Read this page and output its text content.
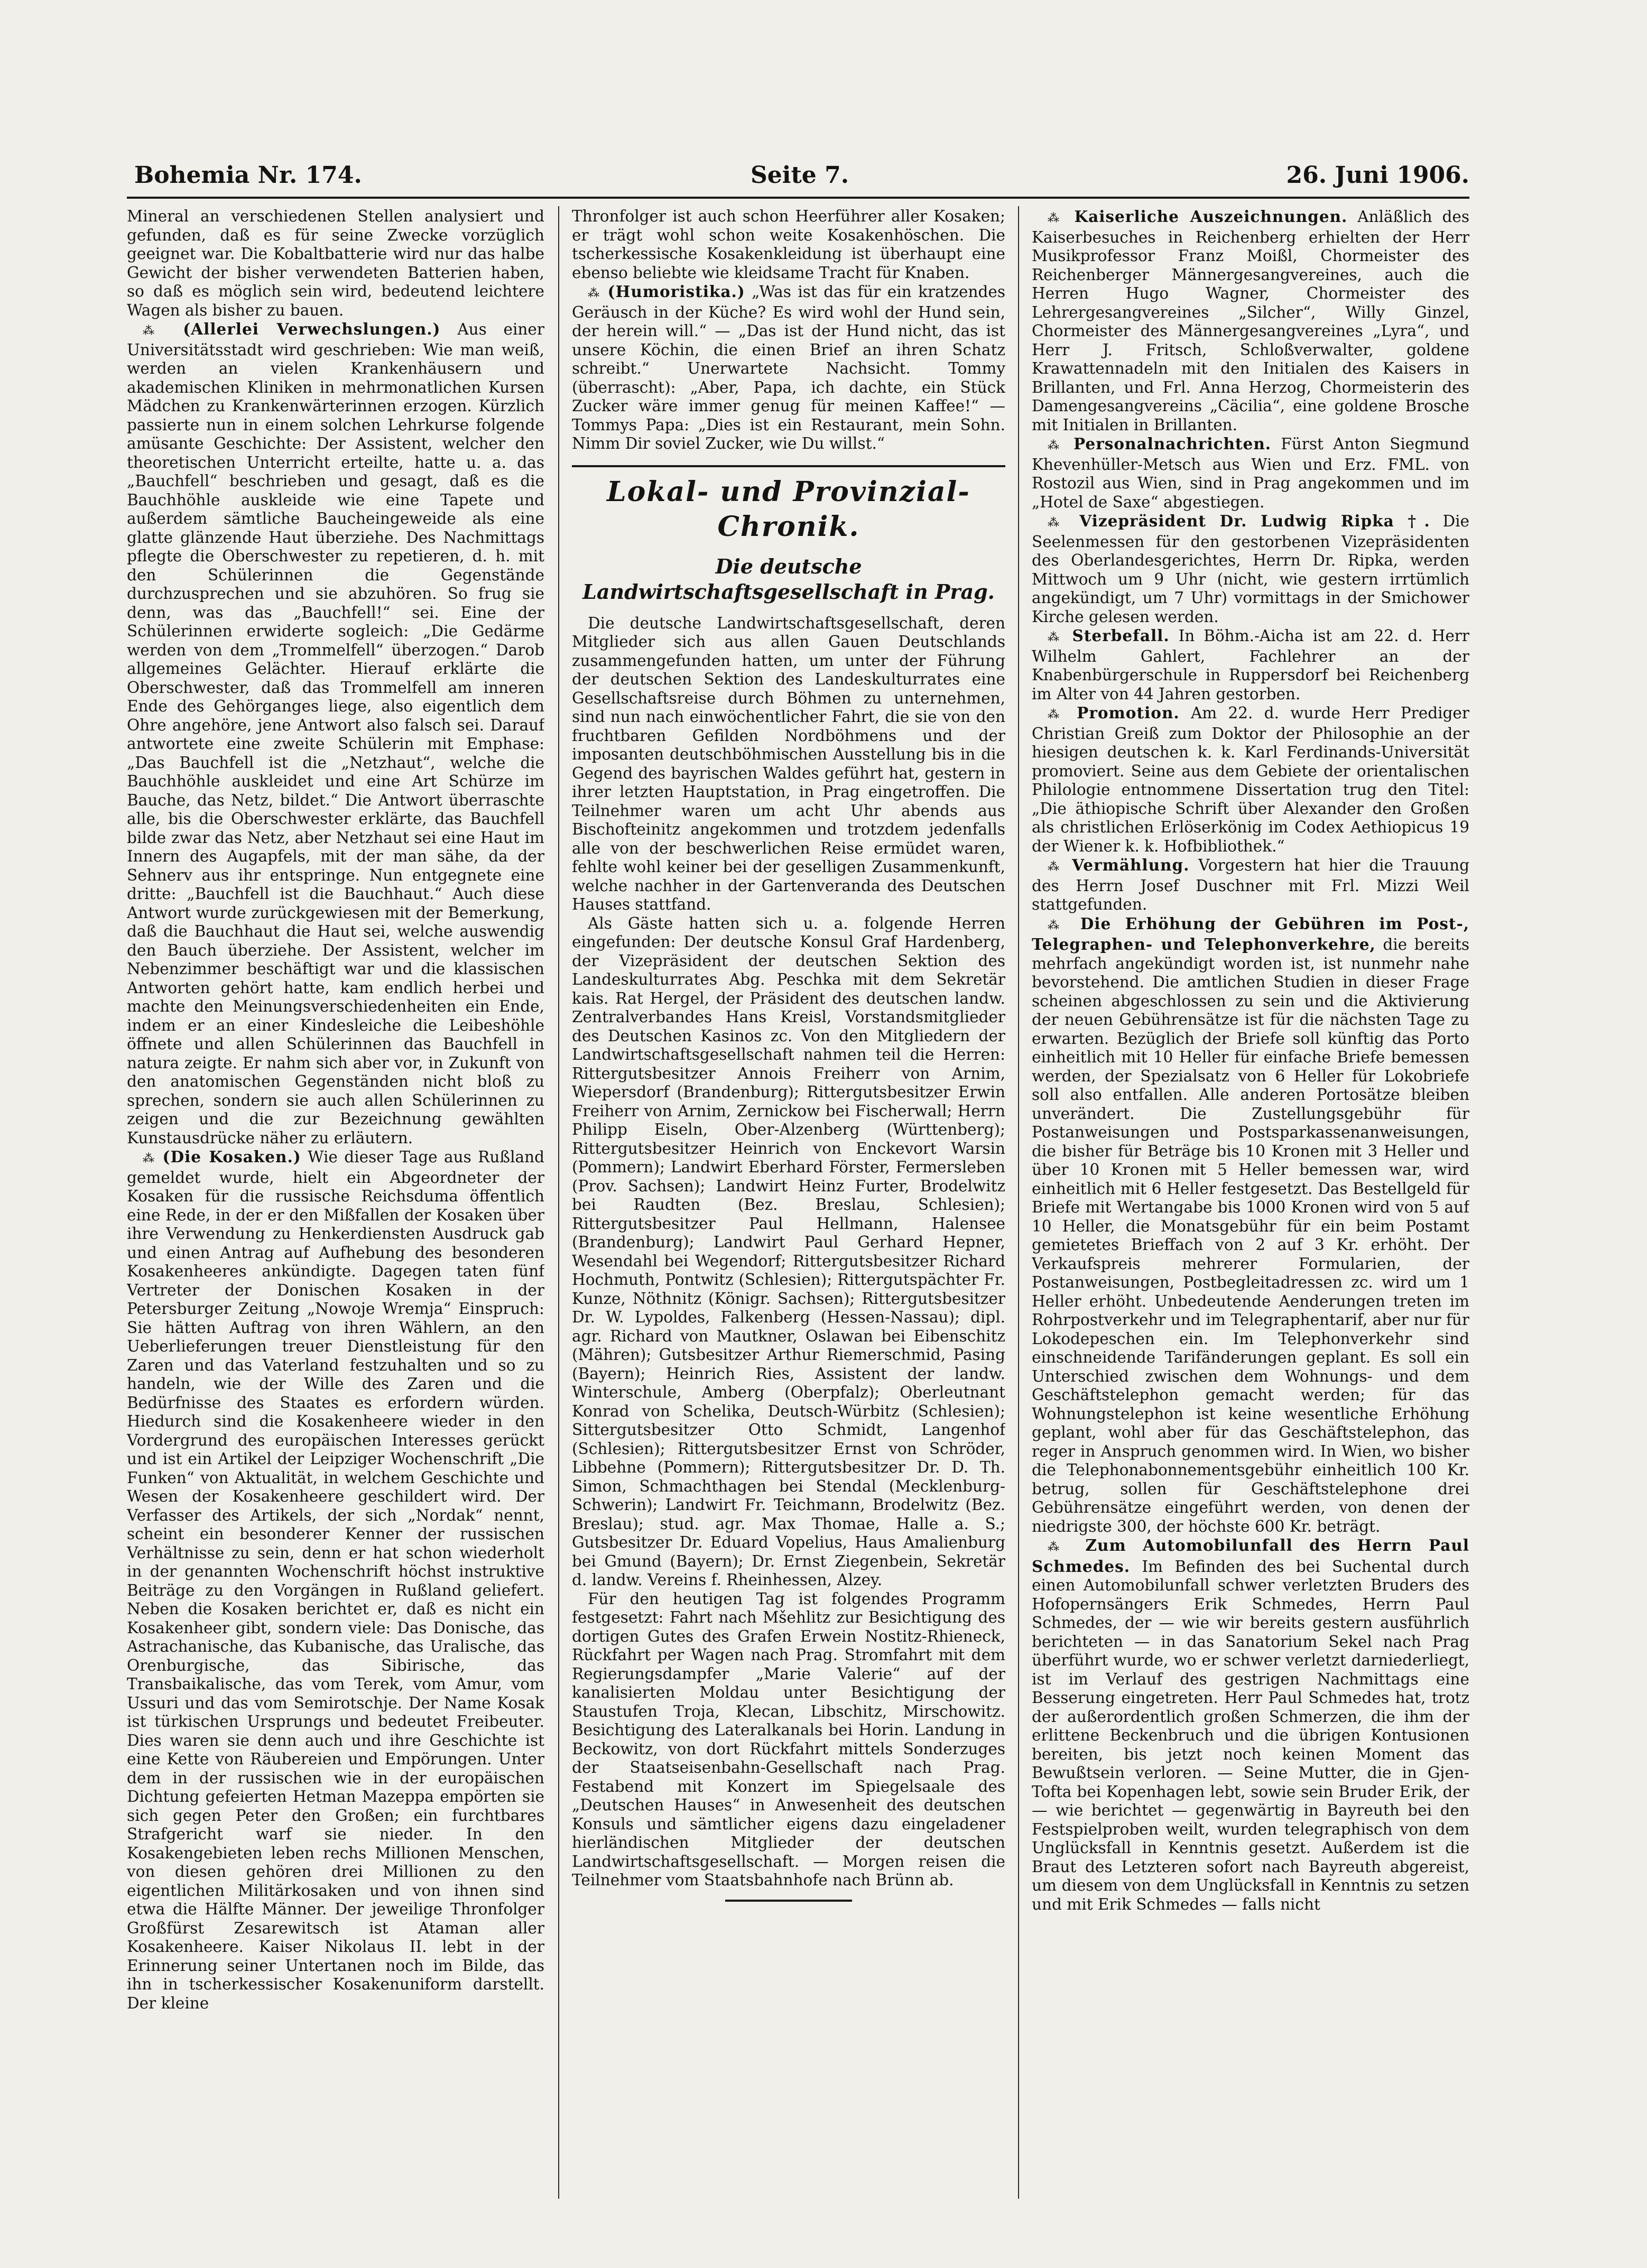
Bohemia Nr. 174.	Seite 7.	26. Juni 1906.

Mineral an verschiedenen Stellen analysiert und gefunden, daß es für seine Zwecke vorzüglich geeignet war. Die Kobaltbatterie wird nur das halbe Gewicht der bisher verwendeten Batterien haben, so daß es möglich sein wird, bedeutend leichtere Wagen als bisher zu bauen.

⁂ (Allerlei Verwechslungen.) Aus einer Universitätsstadt wird geschrieben: Wie man weiß, werden an vielen Krankenhäusern und akademischen Kliniken in mehrmonatlichen Kursen Mädchen zu Krankenwärterinnen erzogen. Kürzlich passierte nun in einem solchen Lehrkurse folgende amüsante Geschichte: Der Assistent, welcher den theoretischen Unterricht erteilte, hatte u. a. das „Bauchfell“ beschrieben und gesagt, daß es die Bauchhöhle auskleide wie eine Tapete und außerdem sämtliche Baucheingeweide als eine glatte glänzende Haut überziehe. Des Nachmittags pflegte die Oberschwester zu repetieren, d. h. mit den Schülerinnen die Gegenstände durchzusprechen und sie abzuhören. So frug sie denn, was das „Bauchfell!“ sei. Eine der Schülerinnen erwiderte sogleich: „Die Gedärme werden von dem „Trommelfell“ überzogen.“ Darob allgemeines Gelächter. Hierauf erklärte die Oberschwester, daß das Trommelfell am inneren Ende des Gehörganges liege, also eigentlich dem Ohre angehöre, jene Antwort also falsch sei. Darauf antwortete eine zweite Schülerin mit Emphase: „Das Bauchfell ist die „Netzhaut“, welche die Bauchhöhle auskleidet und eine Art Schürze im Bauche, das Netz, bildet.“ Die Antwort überraschte alle, bis die Oberschwester erklärte, das Bauchfell bilde zwar das Netz, aber Netzhaut sei eine Haut im Innern des Augapfels, mit der man sähe, da der Sehnerv aus ihr entspringe. Nun entgegnete eine dritte: „Bauchfell ist die Bauchhaut.“ Auch diese Antwort wurde zurückgewiesen mit der Bemerkung, daß die Bauchhaut die Haut sei, welche auswendig den Bauch überziehe. Der Assistent, welcher im Nebenzimmer beschäftigt war und die klassischen Antworten gehört hatte, kam endlich herbei und machte den Meinungsverschiedenheiten ein Ende, indem er an einer Kindesleiche die Leibeshöhle öffnete und allen Schülerinnen das Bauchfell in natura zeigte. Er nahm sich aber vor, in Zukunft von den anatomischen Gegenständen nicht bloß zu sprechen, sondern sie auch allen Schülerinnen zu zeigen und die zur Bezeichnung gewählten Kunstausdrücke näher zu erläutern.

⁂ (Die Kosaken.) Wie dieser Tage aus Rußland gemeldet wurde, hielt ein Abgeordneter der Kosaken für die russische Reichsduma öffentlich eine Rede, in der er den Mißfallen der Kosaken über ihre Verwendung zu Henkerdiensten Ausdruck gab und einen Antrag auf Aufhebung des besonderen Kosakenheeres ankündigte. Dagegen taten fünf Vertreter der Donischen Kosaken in der Petersburger Zeitung „Nowoje Wremja“ Einspruch: Sie hätten Auftrag von ihren Wählern, an den Ueberlieferungen treuer Dienstleistung für den Zaren und das Vaterland festzuhalten und so zu handeln, wie der Wille des Zaren und die Bedürfnisse des Staates es erfordern würden. Hiedurch sind die Kosakenheere wieder in den Vordergrund des europäischen Interesses gerückt und ist ein Artikel der Leipziger Wochenschrift „Die Funken“ von Aktualität, in welchem Geschichte und Wesen der Kosakenheere geschildert wird. Der Verfasser des Artikels, der sich „Nordak“ nennt, scheint ein besonderer Kenner der russischen Verhältnisse zu sein, denn er hat schon wiederholt in der genannten Wochenschrift höchst instruktive Beiträge zu den Vorgängen in Rußland geliefert. Neben die Kosaken berichtet er, daß es nicht ein Kosakenheer gibt, sondern viele: Das Donische, das Astrachanische, das Kubanische, das Uralische, das Orenburgische, das Sibirische, das Transbaikalische, das vom Terek, vom Amur, vom Ussuri und das vom Semirotschje. Der Name Kosak ist türkischen Ursprungs und bedeutet Freibeuter. Dies waren sie denn auch und ihre Geschichte ist eine Kette von Räubereien und Empörungen. Unter dem in der russischen wie in der europäischen Dichtung gefeierten Hetman Mazeppa empörten sie sich gegen Peter den Großen; ein furchtbares Strafgericht warf sie nieder. In den Kosakengebieten leben rechs Millionen Menschen, von diesen gehören drei Millionen zu den eigentlichen Militärkosaken und von ihnen sind etwa die Hälfte Männer. Der jeweilige Thronfolger Großfürst Zesarewitsch ist Ataman aller Kosakenheere. Kaiser Nikolaus II. lebt in der Erinnerung seiner Untertanen noch im Bilde, das ihn in tscherkessischer Kosakenuniform darstellt. Der kleine

Thronfolger ist auch schon Heerführer aller Kosaken; er trägt wohl schon weite Kosakenhöschen. Die tscherkessische Kosakenkleidung ist überhaupt eine ebenso beliebte wie kleidsame Tracht für Knaben.

⁂ (Humoristika.) „Was ist das für ein kratzendes Geräusch in der Küche? Es wird wohl der Hund sein, der herein will.“ — „Das ist der Hund nicht, das ist unsere Köchin, die einen Brief an ihren Schatz schreibt.“ Unerwartete Nachsicht. Tommy (überrascht): „Aber, Papa, ich dachte, ein Stück Zucker wäre immer genug für meinen Kaffee!“ — Tommys Papa: „Dies ist ein Restaurant, mein Sohn. Nimm Dir soviel Zucker, wie Du willst.“

Lokal- und Provinzial-Chronik.
Die deutsche Landwirtschaftsgesellschaft in Prag.

Die deutsche Landwirtschaftsgesellschaft, deren Mitglieder sich aus allen Gauen Deutschlands zusammengefunden hatten, um unter der Führung der deutschen Sektion des Landeskulturrates eine Gesellschaftsreise durch Böhmen zu unternehmen, sind nun nach einwöchentlicher Fahrt, die sie von den fruchtbaren Gefilden Nordböhmens und der imposanten deutschböhmischen Ausstellung bis in die Gegend des bayrischen Waldes geführt hat, gestern in ihrer letzten Hauptstation, in Prag eingetroffen. Die Teilnehmer waren um acht Uhr abends aus Bischofteinitz angekommen und trotzdem jedenfalls alle von der beschwerlichen Reise ermüdet waren, fehlte wohl keiner bei der geselligen Zusammenkunft, welche nachher in der Gartenveranda des Deutschen Hauses stattfand.

Als Gäste hatten sich u. a. folgende Herren eingefunden: Der deutsche Konsul Graf Hardenberg, der Vizepräsident der deutschen Sektion des Landeskulturrates Abg. Peschka mit dem Sekretär kais. Rat Hergel, der Präsident des deutschen landw. Zentralverbandes Hans Kreisl, Vorstandsmitglieder des Deutschen Kasinos zc. Von den Mitgliedern der Landwirtschaftsgesellschaft nahmen teil die Herren: Rittergutsbesitzer Annois Freiherr von Arnim, Wiepersdorf (Brandenburg); Rittergutsbesitzer Erwin Freiherr von Arnim, Zernickow bei Fischerwall; Herrn Philipp Eiseln, Ober-Alzenberg (Württenberg); Rittergutsbesitzer Heinrich von Enckevort Warsin (Pommern); Landwirt Eberhard Förster, Fermersleben (Prov. Sachsen); Landwirt Heinz Furter, Brodelwitz bei Raudten (Bez. Breslau, Schlesien); Rittergutsbesitzer Paul Hellmann, Halensee (Brandenburg); Landwirt Paul Gerhard Hepner, Wesendahl bei Wegendorf; Rittergutsbesitzer Richard Hochmuth, Pontwitz (Schlesien); Rittergutspächter Fr. Kunze, Nöthnitz (Königr. Sachsen); Rittergutsbesitzer Dr. W. Lypoldes, Falkenberg (Hessen-Nassau); dipl. agr. Richard von Mautkner, Oslawan bei Eibenschitz (Mähren); Gutsbesitzer Arthur Riemerschmid, Pasing (Bayern); Heinrich Ries, Assistent der landw. Winterschule, Amberg (Oberpfalz); Oberleutnant Konrad von Schelika, Deutsch-Würbitz (Schlesien); Sittergutsbesitzer Otto Schmidt, Langenhof (Schlesien); Rittergutsbesitzer Ernst von Schröder, Libbehne (Pommern); Rittergutsbesitzer Dr. D. Th. Simon, Schmachthagen bei Stendal (Mecklenburg-Schwerin); Landwirt Fr. Teichmann, Brodelwitz (Bez. Breslau); stud. agr. Max Thomae, Halle a. S.; Gutsbesitzer Dr. Eduard Vopelius, Haus Amalienburg bei Gmund (Bayern); Dr. Ernst Ziegenbein, Sekretär d. landw. Vereins f. Rheinhessen, Alzey.

Für den heutigen Tag ist folgendes Programm festgesetzt: Fahrt nach Mšehlitz zur Besichtigung des dortigen Gutes des Grafen Erwein Nostitz-Rhieneck, Rückfahrt per Wagen nach Prag. Stromfahrt mit dem Regierungsdampfer „Marie Valerie“ auf der kanalisierten Moldau unter Besichtigung der Staustufen Troja, Klecan, Libschitz, Mirschowitz. Besichtigung des Lateralkanals bei Horin. Landung in Beckowitz, von dort Rückfahrt mittels Sonderzuges der Staatseisenbahn-Gesellschaft nach Prag. Festabend mit Konzert im Spiegelsaale des „Deutschen Hauses“ in Anwesenheit des deutschen Konsuls und sämtlicher eigens dazu eingeladener hierländischen Mitglieder der deutschen Landwirtschaftsgesellschaft. — Morgen reisen die Teilnehmer vom Staatsbahnhofe nach Brünn ab.

⁂ Kaiserliche Auszeichnungen. Anläßlich des Kaiserbesuches in Reichenberg erhielten der Herr Musikprofessor Franz Moißl, Chormeister des Reichenberger Männergesangvereines, auch die Herren Hugo Wagner, Chormeister des Lehrergesangvereines „Silcher“, Willy Ginzel, Chormeister des Männergesangvereines „Lyra“, und Herr J. Fritsch, Schloßverwalter, goldene Krawattennadeln mit den Initialen des Kaisers in Brillanten, und Frl. Anna Herzog, Chormeisterin des Damengesangvereins „Cäcilia“, eine goldene Brosche mit Initialen in Brillanten.

⁂ Personalnachrichten. Fürst Anton Siegmund Khevenhüller-Metsch aus Wien und Erz. FML. von Rostozil aus Wien, sind in Prag angekommen und im „Hotel de Saxe“ abgestiegen.

⁂ Vizepräsident Dr. Ludwig Ripka †. Die Seelenmessen für den gestorbenen Vizepräsidenten des Oberlandesgerichtes, Herrn Dr. Ripka, werden Mittwoch um 9 Uhr (nicht, wie gestern irrtümlich angekündigt, um 7 Uhr) vormittags in der Smichower Kirche gelesen werden.

⁂ Sterbefall. In Böhm.-Aicha ist am 22. d. Herr Wilhelm Gahlert, Fachlehrer an der Knabenbürgerschule in Ruppersdorf bei Reichenberg im Alter von 44 Jahren gestorben.

⁂ Promotion. Am 22. d. wurde Herr Prediger Christian Greiß zum Doktor der Philosophie an der hiesigen deutschen k. k. Karl Ferdinands-Universität promoviert. Seine aus dem Gebiete der orientalischen Philologie entnommene Dissertation trug den Titel: „Die äthiopische Schrift über Alexander den Großen als christlichen Erlöserkönig im Codex Aethiopicus 19 der Wiener k. k. Hofbibliothek.“

⁂ Vermählung. Vorgestern hat hier die Trauung des Herrn Josef Duschner mit Frl. Mizzi Weil stattgefunden.

⁂ Die Erhöhung der Gebühren im Post-, Telegraphen- und Telephonverkehre, die bereits mehrfach angekündigt worden ist, ist nunmehr nahe bevorstehend. Die amtlichen Studien in dieser Frage scheinen abgeschlossen zu sein und die Aktivierung der neuen Gebührensätze ist für die nächsten Tage zu erwarten. Bezüglich der Briefe soll künftig das Porto einheitlich mit 10 Heller für einfache Briefe bemessen werden, der Spezialsatz von 6 Heller für Lokobriefe soll also entfallen. Alle anderen Portosätze bleiben unverändert. Die Zustellungsgebühr für Postanweisungen und Postsparkassenanweisungen, die bisher für Beträge bis 10 Kronen mit 3 Heller und über 10 Kronen mit 5 Heller bemessen war, wird einheitlich mit 6 Heller festgesetzt. Das Bestellgeld für Briefe mit Wertangabe bis 1000 Kronen wird von 5 auf 10 Heller, die Monatsgebühr für ein beim Postamt gemietetes Brieffach von 2 auf 3 Kr. erhöht. Der Verkaufspreis mehrerer Formularien, der Postanweisungen, Postbegleitadressen zc. wird um 1 Heller erhöht. Unbedeutende Aenderungen treten im Rohrpostverkehr und im Telegraphentarif, aber nur für Lokodepeschen ein. Im Telephonverkehr sind einschneidende Tarifänderungen geplant. Es soll ein Unterschied zwischen dem Wohnungs- und dem Geschäftstelephon gemacht werden; für das Wohnungstelephon ist keine wesentliche Erhöhung geplant, wohl aber für das Geschäftstelephon, das reger in Anspruch genommen wird. In Wien, wo bisher die Telephonabonnementsgebühr einheitlich 100 Kr. betrug, sollen für Geschäftstelephone drei Gebührensätze eingeführt werden, von denen der niedrigste 300, der höchste 600 Kr. beträgt.

⁂ Zum Automobilunfall des Herrn Paul Schmedes. Im Befinden des bei Suchental durch einen Automobilunfall schwer verletzten Bruders des Hofopernsängers Erik Schmedes, Herrn Paul Schmedes, der — wie wir bereits gestern ausführlich berichteten — in das Sanatorium Sekel nach Prag überführt wurde, wo er schwer verletzt darniederliegt, ist im Verlauf des gestrigen Nachmittags eine Besserung eingetreten. Herr Paul Schmedes hat, trotz der außerordentlich großen Schmerzen, die ihm der erlittene Beckenbruch und die übrigen Kontusionen bereiten, bis jetzt noch keinen Moment das Bewußtsein verloren. — Seine Mutter, die in Gjen-Tofta bei Kopenhagen lebt, sowie sein Bruder Erik, der — wie berichtet — gegenwärtig in Bayreuth bei den Festspielproben weilt, wurden telegraphisch von dem Unglücksfall in Kenntnis gesetzt. Außerdem ist die Braut des Letzteren sofort nach Bayreuth abgereist, um diesem von dem Unglücksfall in Kenntnis zu setzen und mit Erik Schmedes — falls nicht
